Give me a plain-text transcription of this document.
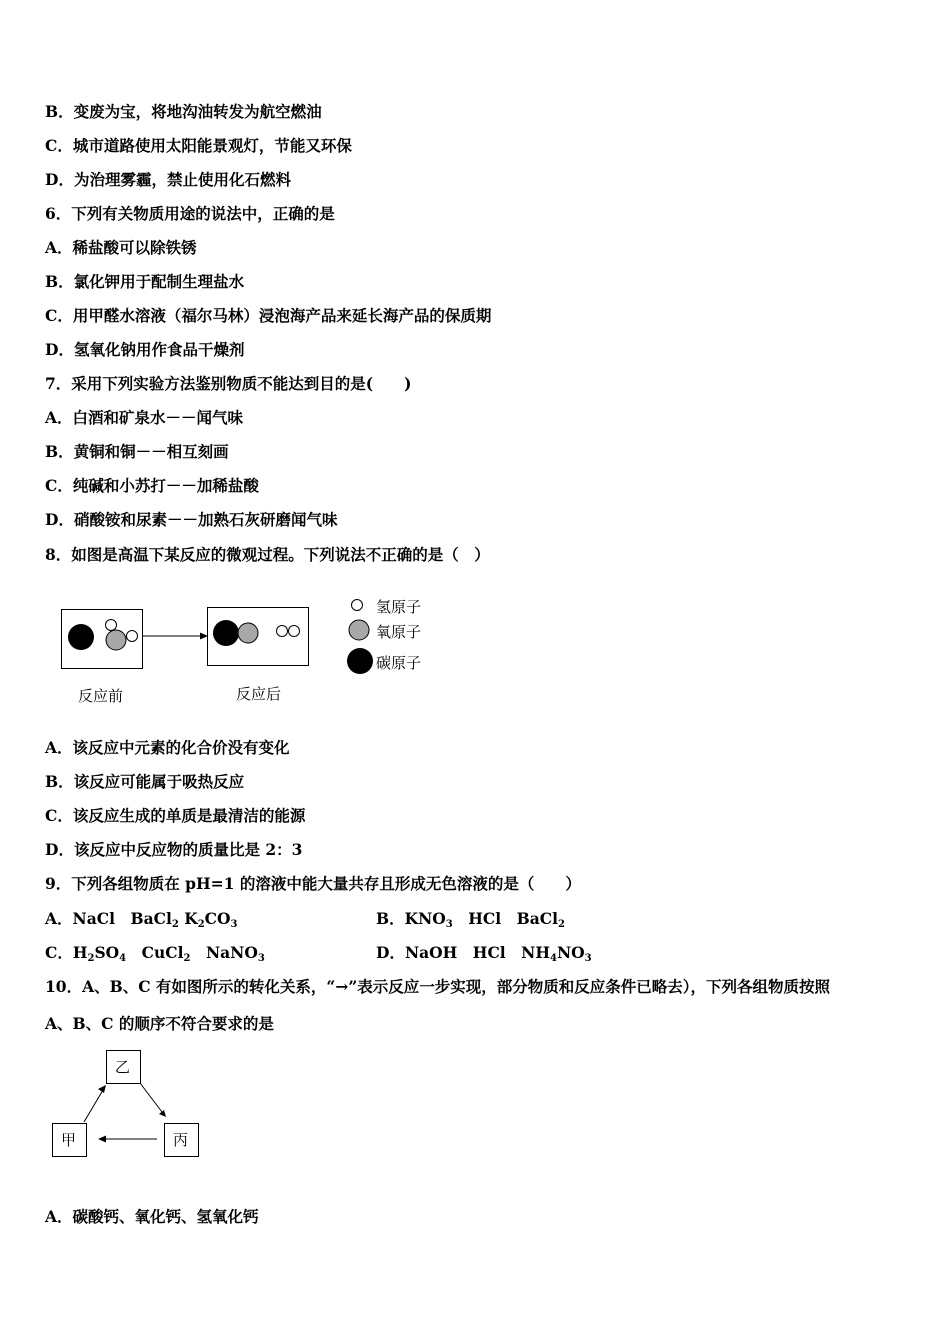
B．变废为宝，将地沟油转发为航空燃油
C．城市道路使用太阳能景观灯，节能又环保
D．为治理雾霾，禁止使用化石燃料
6．下列有关物质用途的说法中，正确的是
A．稀盐酸可以除铁锈
B．氯化钾用于配制生理盐水
C．用甲醛水溶液（福尔马林）浸泡海产品来延长海产品的保质期
D．氢氧化钠用作食品干燥剂
7．采用下列实验方法鉴别物质不能达到目的是(　　)
A．白酒和矿泉水－－闻气味
B．黄铜和铜－－相互刻画
C．纯碱和小苏打－－加稀盐酸
D．硝酸铵和尿素－－加熟石灰研磨闻气味
8．如图是高温下某反应的微观过程。下列说法不正确的是（　）
反应前	反应后
氢原子
氧原子
碳原子
A．该反应中元素的化合价没有变化
B．该反应可能属于吸热反应
C．该反应生成的单质是最清洁的能源
D．该反应中反应物的质量比是 2：3
9．下列各组物质在 pH=1 的溶液中能大量共存且形成无色溶液的是（　　）
A．NaCl　BaCl$_2$ $K_2CO_3$	B．$KNO_3$　HCl　BaCl$_2$
C．$H_2SO_4$　CuCl$_2$　NaNO$_3$	D．NaOH　HCl　$NH_4NO_3$
10．A、B、C 有如图所示的转化关系，“→”表示反应一步实现，部分物质和反应条件已略去），下列各组物质按照
A、B、C 的顺序不符合要求的是
乙
甲	丙
A．碳酸钙、氧化钙、氢氧化钙
